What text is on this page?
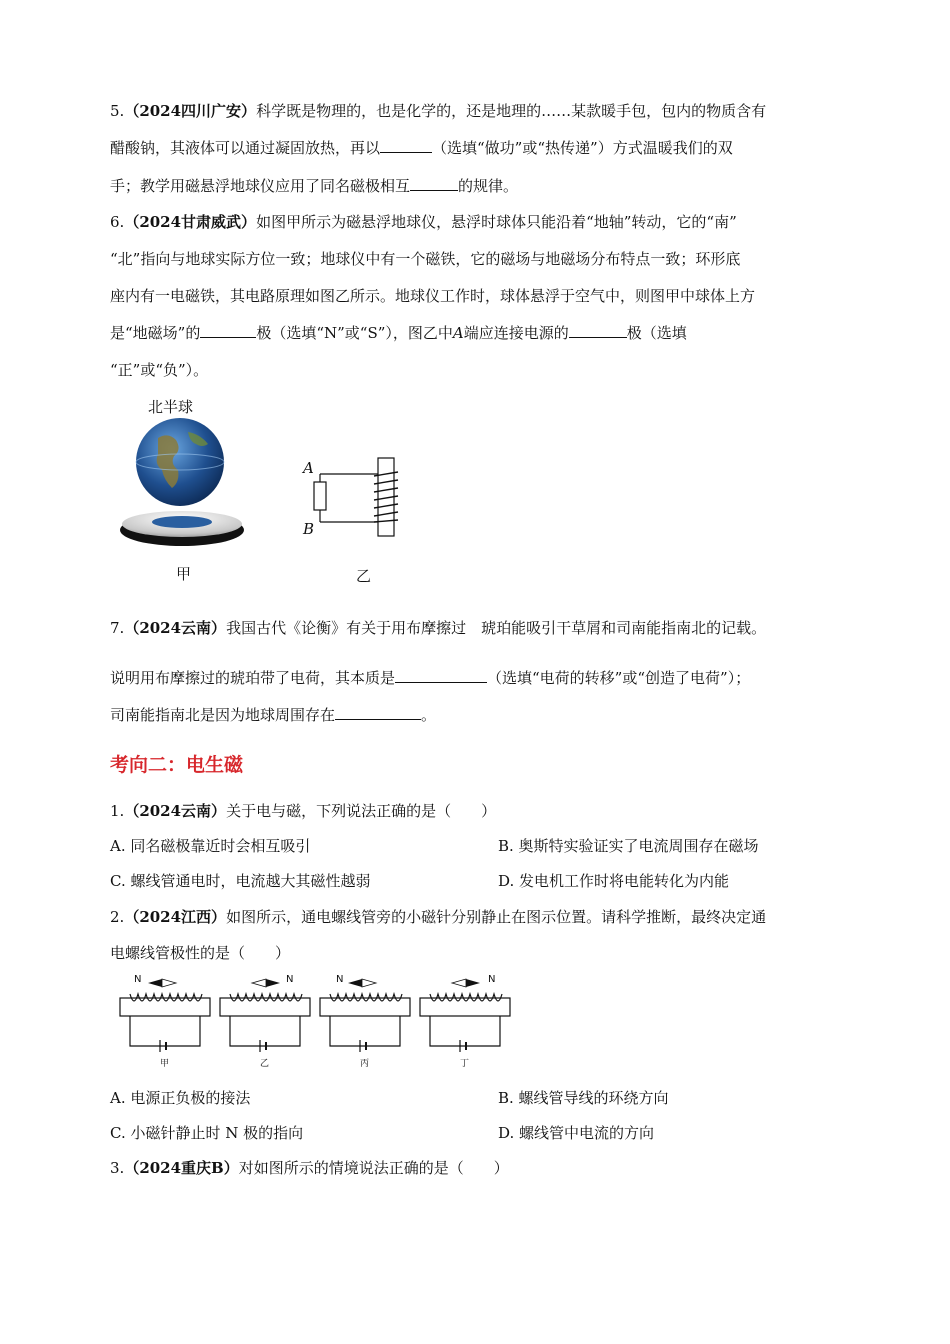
5.（2024四川广安）科学既是物理的，也是化学的，还是地理的……某款暖手包，包内的物质含有
醋酸钠，其液体可以通过凝固放热，再以	（选填“做功”或“热传递”）方式温暖我们的双
手；教学用磁悬浮地球仪应用了同名磁极相互	的规律。
6.（2024甘肃威武）如图甲所示为磁悬浮地球仪，悬浮时球体只能沿着“地轴”转动，它的“南”
“北”指向与地球实际方位一致；地球仪中有一个磁铁，它的磁场与地磁场分布特点一致；环形底
座内有一电磁铁，其电路原理如图乙所示。地球仪工作时，球体悬浮于空气中，则图甲中球体上方
是“地磁场”的	极（选填“N”或“S”），图乙中A端应连接电源的	极（选填
“正”或“负”）。
北半球
甲
A
B
乙
7.（2024云南）我国古代《论衡》有关于用布摩擦过　琥珀能吸引干草屑和司南能指南北的记载。
说明用布摩擦过的琥珀带了电荷，其本质是	（选填“电荷的转移”或“创造了电荷”）；
司南能指南北是因为地球周围存在	。
考向二：电生磁
1.（2024云南）关于电与磁，下列说法正确的是（　　）
A. 同名磁极靠近时会相互吸引	B. 奥斯特实验证实了电流周围存在磁场
C. 螺线管通电时，电流越大其磁性越弱	D. 发电机工作时将电能转化为内能
2.（2024江西）如图所示，通电螺线管旁的小磁针分别静止在图示位置。请科学推断，最终决定通
电螺线管极性的是（　　）
N	N	N	N
甲	乙	丙	丁
A. 电源正负极的接法	B. 螺线管导线的环绕方向
C. 小磁针静止时 N 极的指向	D. 螺线管中电流的方向
3.（2024重庆B）对如图所示的情境说法正确的是（　　）
